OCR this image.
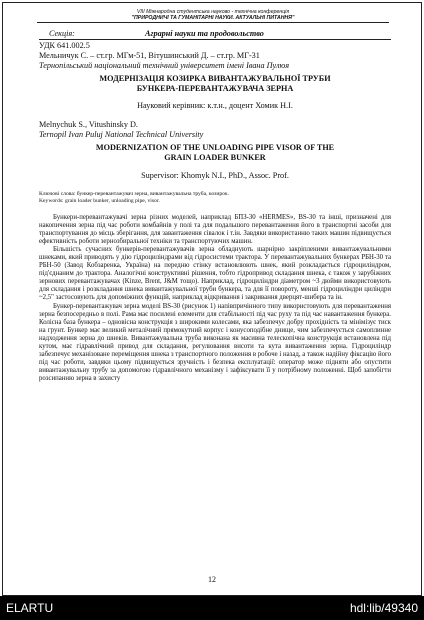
VIII Міжнародна студентська науково - технічна конференція
"ПРИРОДНИЧІ ТА ГУМАНІТАРНІ НАУКИ. АКТУАЛЬНІ ПИТАННЯ"
Секція:	Аграрні науки та продовольство
УДК 641.002.5
Мельничук С. – ст.гр. МГм-51, Вітушинський Д. – ст.гр. МГ-31
Тернопільський національний технічний університет імені Івана Пулюя
МОДЕРНІЗАЦІЯ КОЗИРКА ВИВАНТАЖУВАЛЬНОЇ ТРУБИ
БУНКЕРА-ПЕРЕВАНТАЖУВАЧА ЗЕРНА
Науковий керівник: к.т.н., доцент Хомик Н.І.
Melnychuk S., Vitushinsky D.
Ternopil Ivan Puluj National Technical University
MODERNIZATION OF THE UNLOADING PIPE VISOR OF THE
GRAIN LOADER BUNKER
Supervisor: Khomyk N.I., PhD., Assoc. Prof.
Ключові слова: бункер-перевантажувач зерна, вивантажувальна труба, козирок.
Keywords: grain loader bunker, unloading pipe, visor.

Бункери-перевантажувачі зерна різних моделей, наприклад БПЗ-30 «HERMES», BS-30 та інші, призначені для накопичення зерна під час роботи комбайнів у полі та для подальшого перевантаження його в транспортні засоби для транспортування до місць зберігання, для завантаження сівалок і т.ін. Завдяки використанню таких машин підвищується ефективність роботи зернозбиральної техніки та транспортуючих машин.

Більшість сучасних бункерів-перевантажувачів зерна обладнують шарнірно закріпленими вивантажувальними шнеками, який приводять у дію гідроциліндрами від гідросистеми трактора. У перевантажувальних бункерах РБН-30 та РБН-50 (Завод Кобзаренка, Україна) на передню стінку встановлюють шнек, який розкладається гідроциліндром, під'єднаним до трактора. Аналогічні конструктивні рішення, тобто гідропривод складання шнека, є також у зарубіжних зернових перевантажувачах (Kinze, Brent, J&M тощо). Наприклад, гідроциліндри діаметром ~3 дюйми використовують для складання і розкладання шнека вивантажувальної труби бункера, та для її повороту, менші гідроциліндри циліндри ~2,5" застосовують для допоміжних функцій, наприклад відкривання і закривання дверцят-шибера та ін.

Бункер-перевантажувач зерна моделі BS-30 (рисунок 1) напівпричінного типу використовують для перевантаження зерна безпосередньо в полі. Рама має посилені елементи для стабільності під час руху та під час навантаження бункера. Колісна база бункера – одновісна конструкція з широкими колесами, яка забезпечує добру прохідність та мінімізує тиск на грунт. Бункер має великий металічний прямокутний корпус і конусоподібне днище, чим забезпечується самоплинне надходження зерна до шнеків. Вивантажувальна труба виконана як масивна телескопічна конструкція встановлена під кутом, має гідравлічний привод для складання, регулювання висоти та кута вивантаження зерна. Гідроциліндр забезпечує механізоване переміщення шнека з транспортного положення в робоче і назад, а також надійну фіксацію його під час роботи, завдяки цьому підвищується зручність і безпека експлуатації: оператор може підняти або опустити вивантажувальну трубу за допомогою гідравлічного механізму і зафіксувати її у потрібному положенні. Щоб запобігти розсипанню зерна в захисту

12
ELARTU	hdl:lib/49340
